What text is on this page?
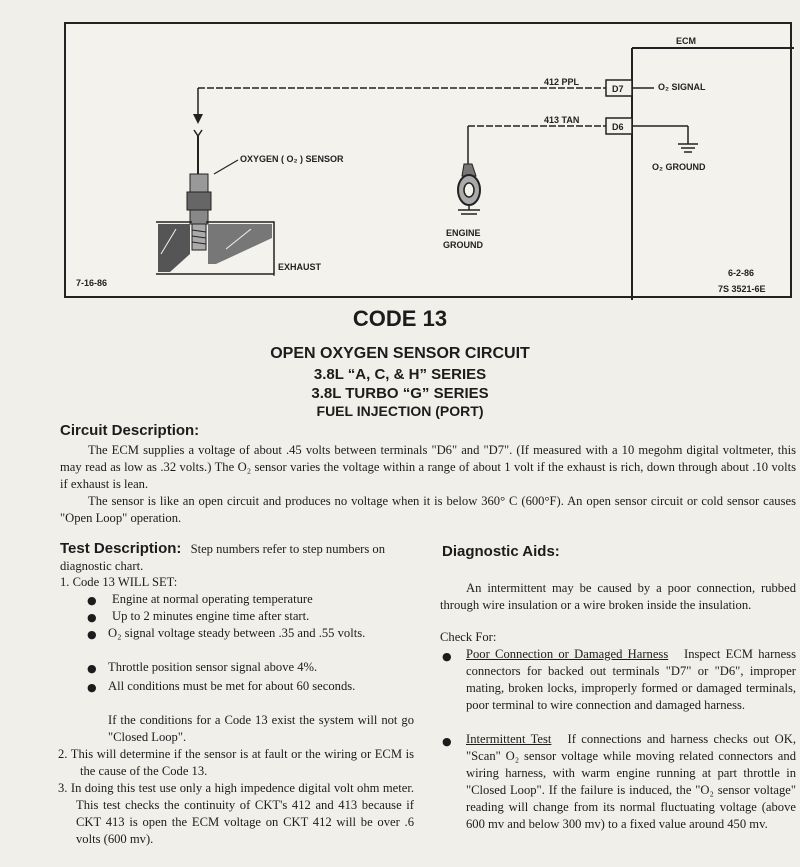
ECM
412 PPL
D7	O₂ SIGNAL
413 TAN
D6
O₂ GROUND
ENGINE
GROUND
OXYGEN ( O₂ ) SENSOR
EXHAUST
7-16-86
6-2-86
7S 3521-6E
CODE 13
OPEN OXYGEN SENSOR CIRCUIT
3.8L “A, C, & H” SERIES
3.8L TURBO “G” SERIES
FUEL INJECTION (PORT)
Circuit Description:

The ECM supplies a voltage of about .45 volts between terminals "D6" and "D7". (If measured with a 10 megohm digital voltmeter, this may read as low as .32 volts.) The O₂ sensor varies the voltage within a range of about 1 volt if the exhaust is rich, down through about .10 volts if exhaust is lean.

The sensor is like an open circuit and produces no voltage when it is below 360° C (600°F). An open sensor circuit or cold sensor causes "Open Loop" operation.

Test Description: Step numbers refer to step numbers on diagnostic chart.
1. Code 13 WILL SET:
● Engine at normal operating temperature
● Up to 2 minutes engine time after start.
● O₂ signal voltage steady between .35 and .55 volts.
● Throttle position sensor signal above 4%.
● All conditions must be met for about 60 seconds.
If the conditions for a Code 13 exist the system will not go "Closed Loop".
2. This will determine if the sensor is at fault or the wiring or ECM is the cause of the Code 13.
3. In doing this test use only a high impedence digital volt ohm meter. This test checks the continuity of CKT's 412 and 413 because if CKT 413 is open the ECM voltage on CKT 412 will be over .6 volts (600 mv).
Diagnostic Aids:

An intermittent may be caused by a poor connection, rubbed through wire insulation or a wire broken inside the insulation.

Check For:
● Poor Connection or Damaged Harness Inspect ECM harness connectors for backed out terminals "D7" or "D6", improper mating, broken locks, improperly formed or damaged terminals, poor terminal to wire connection and damaged harness.

● Intermittent Test If connections and harness checks out OK, "Scan" O₂ sensor voltage while moving related connectors and wiring harness, with warm engine running at part throttle in "Closed Loop". If the failure is induced, the "O₂ sensor voltage" reading will change from its normal fluctuating voltage (above 600 mv and below 300 mv) to a fixed value around 450 mv.
